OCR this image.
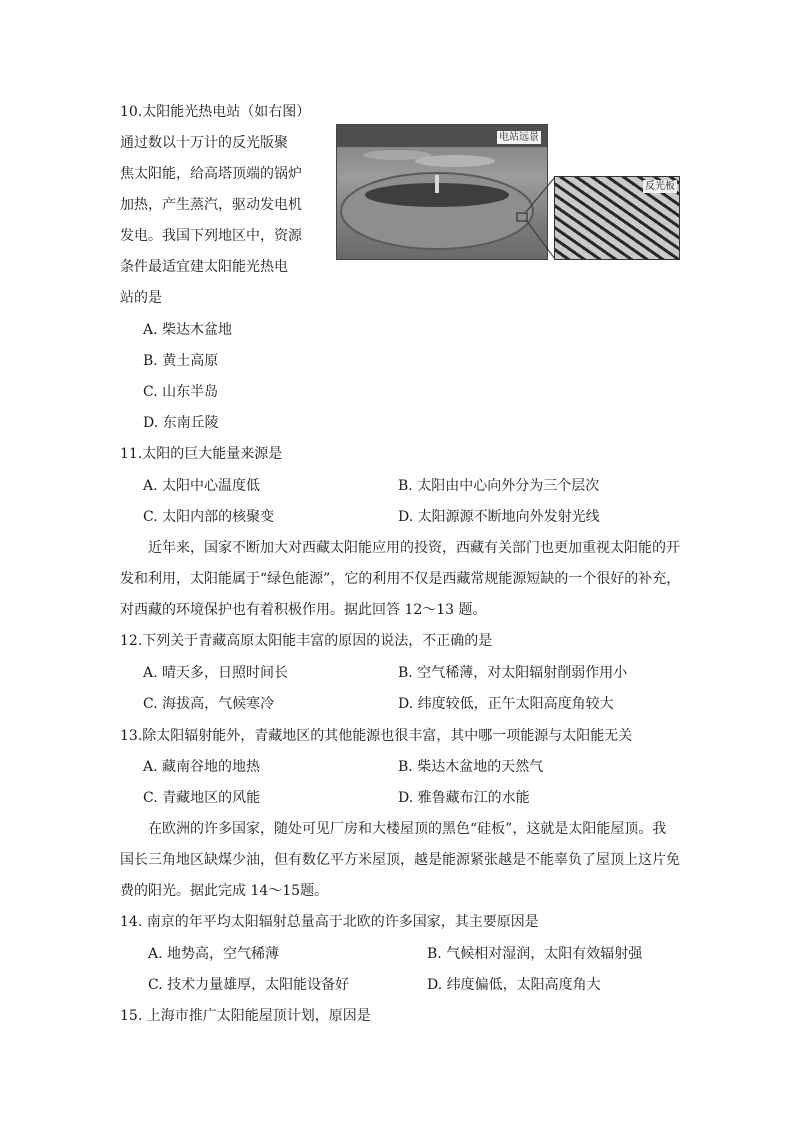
10.太阳能光热电站（如右图）
通过数以十万计的反光版聚
焦太阳能，给高塔顶端的锅炉
加热，产生蒸汽，驱动发电机
发电。我国下列地区中，资源
条件最适宜建太阳能光热电
站的是
电站远景
反光板
A. 柴达木盆地
B. 黄土高原
C. 山东半岛
D. 东南丘陵
11.太阳的巨大能量来源是
A. 太阳中心温度低	B. 太阳由中心向外分为三个层次
C. 太阳内部的核聚变	D. 太阳源源不断地向外发射光线
近年来，国家不断加大对西藏太阳能应用的投资，西藏有关部门也更加重视太阳能的开
发和利用，太阳能属于“绿色能源”，它的利用不仅是西藏常规能源短缺的一个很好的补充，
对西藏的环境保护也有着积极作用。据此回答 12～13 题。
12.下列关于青藏高原太阳能丰富的原因的说法，不正确的是
A. 晴天多，日照时间长	B. 空气稀薄，对太阳辐射削弱作用小
C. 海拔高，气候寒冷	D. 纬度较低，正午太阳高度角较大
13.除太阳辐射能外，青藏地区的其他能源也很丰富，其中哪一项能源与太阳能无关
A. 藏南谷地的地热	B. 柴达木盆地的天然气
C. 青藏地区的风能	D. 雅鲁藏布江的水能
在欧洲的许多国家，随处可见厂房和大楼屋顶的黑色“硅板”，这就是太阳能屋顶。我
国长三角地区缺煤少油，但有数亿平方米屋顶，越是能源紧张越是不能辜负了屋顶上这片免
费的阳光。据此完成 14～15题。
14. 南京的年平均太阳辐射总量高于北欧的许多国家，其主要原因是
A. 地势高，空气稀薄	B. 气候相对湿润，太阳有效辐射强
C. 技术力量雄厚，太阳能设备好	D. 纬度偏低，太阳高度角大
15. 上海市推广太阳能屋顶计划，原因是
